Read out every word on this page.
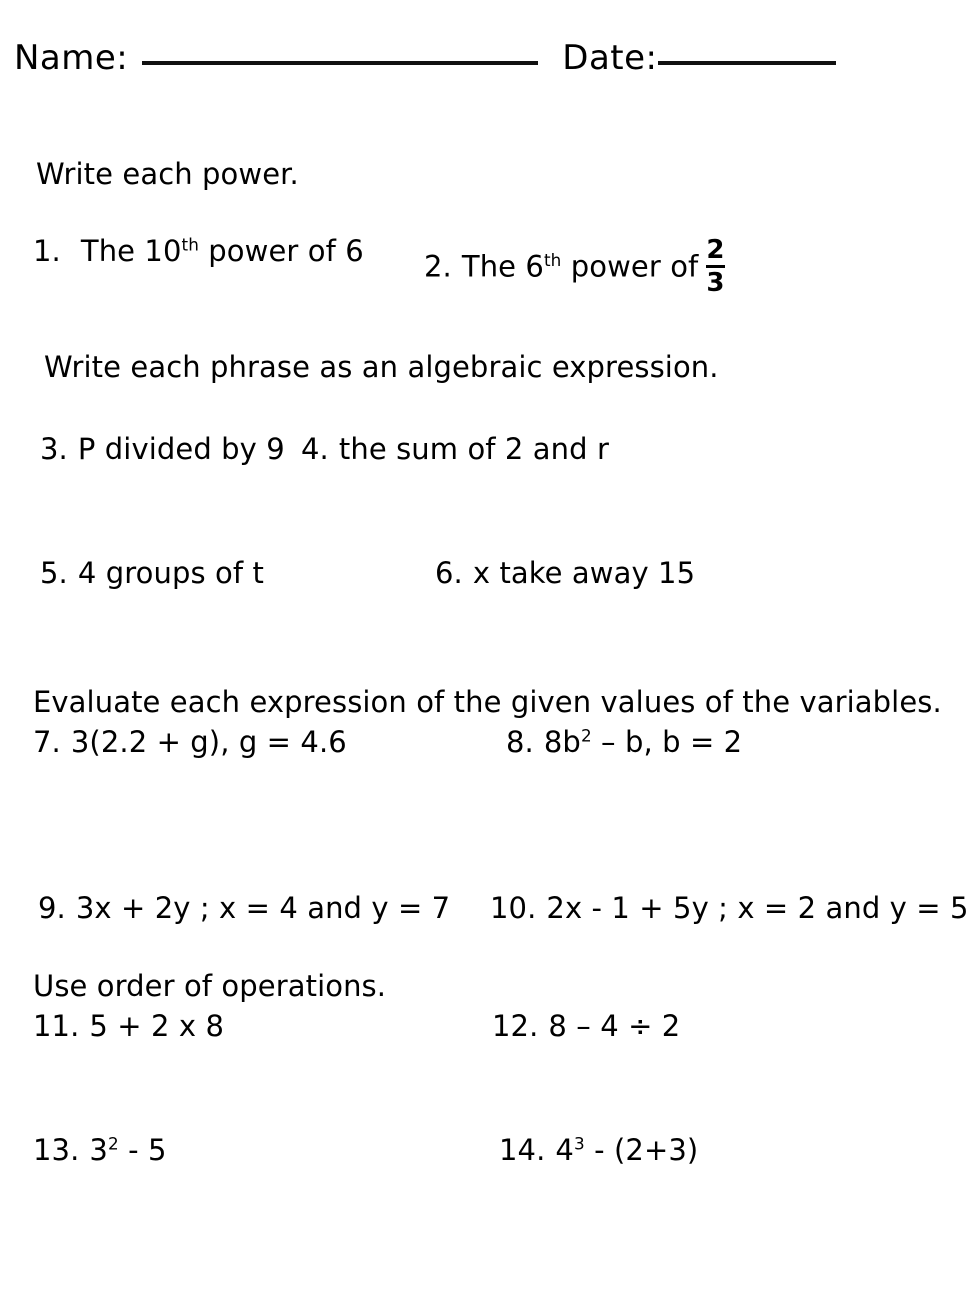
Name:	Date:
Write each power.
1. The 10th power of 6 2. The 6th power of $\frac{2}{3}$
Write each phrase as an algebraic expression.
3. P divided by 9 4. the sum of 2 and r
5. 4 groups of t	6. x take away 15
Evaluate each expression of the given values of the variables.
7. 3(2.2 + g), g = 4.6	8. $8b^2$ – b, b = 2
9. 3x + 2y ; x = 4 and y = 7 10. 2x - 1 + 5y ; x = 2 and y = 5
Use order of operations.
11. 5 + 2 x 8	12. 8 – 4 ÷ 2
13. $3^2 - 5$	14. $4^3 - (2+3)$
